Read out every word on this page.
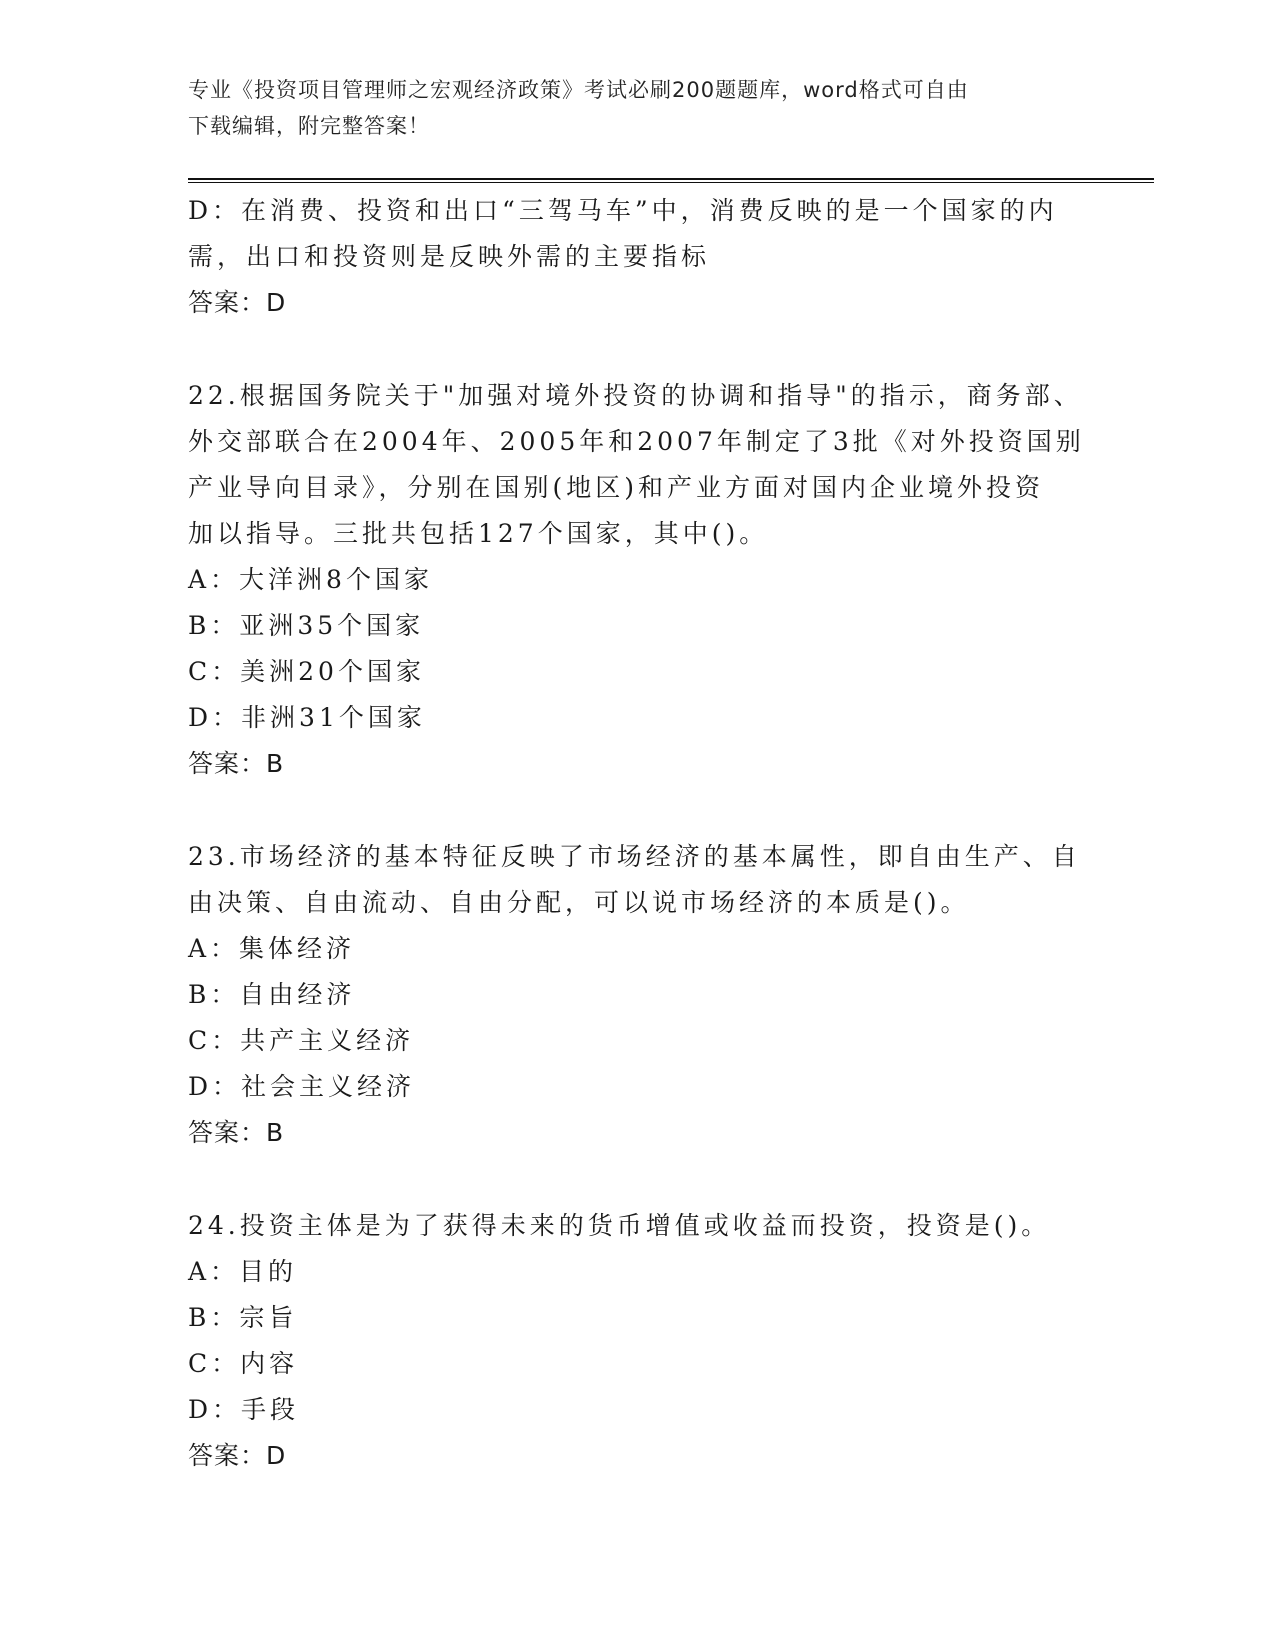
专业《投资项目管理师之宏观经济政策》考试必刷200题题库，word格式可自由
下载编辑，附完整答案！
D：在消费、投资和出口“三驾马车”中，消费反映的是一个国家的内
需，出口和投资则是反映外需的主要指标
答案：D
22.根据国务院关于"加强对境外投资的协调和指导"的指示，商务部、
外交部联合在2004年、2005年和2007年制定了3批《对外投资国别
产业导向目录》，分别在国别(地区)和产业方面对国内企业境外投资
加以指导。三批共包括127个国家，其中()。
A：大洋洲8个国家
B：亚洲35个国家
C：美洲20个国家
D：非洲31个国家
答案：B
23.市场经济的基本特征反映了市场经济的基本属性，即自由生产、自
由决策、自由流动、自由分配，可以说市场经济的本质是()。
A：集体经济
B：自由经济
C：共产主义经济
D：社会主义经济
答案：B
24.投资主体是为了获得未来的货币增值或收益而投资，投资是()。
A：目的
B：宗旨
C：内容
D：手段
答案：D
